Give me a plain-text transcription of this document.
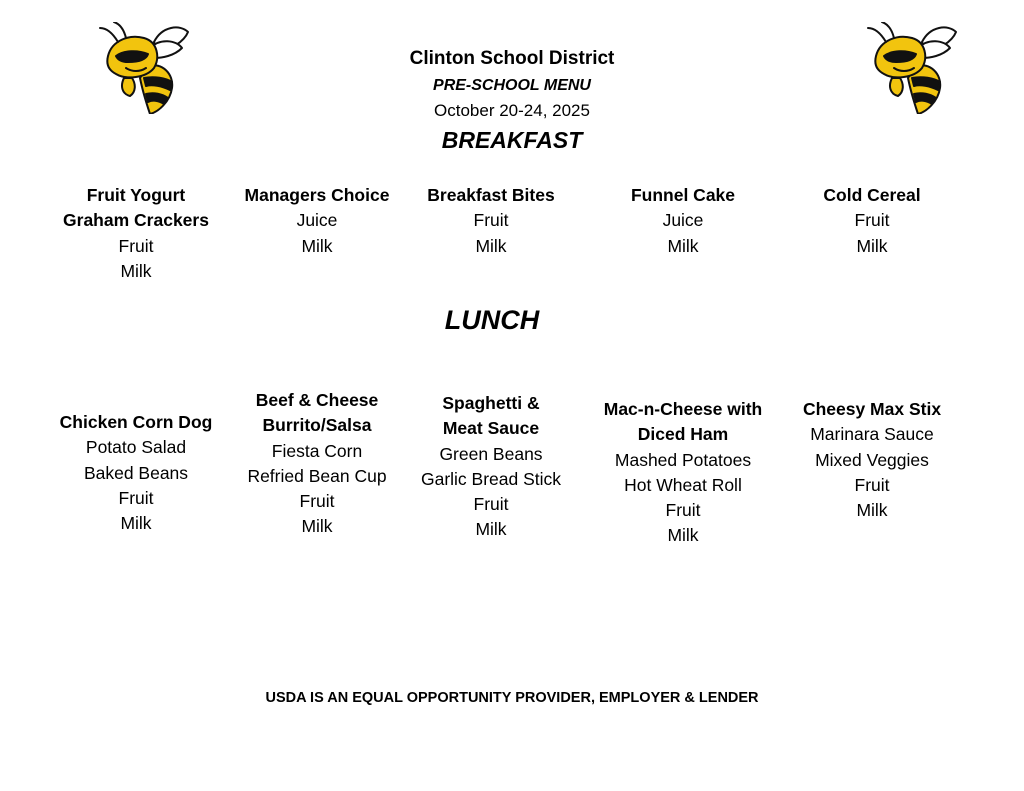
Clinton School District
PRE-SCHOOL MENU
October 20-24, 2025
BREAKFAST
Fruit Yogurt
Graham Crackers
Fruit
Milk
Managers Choice
Juice
Milk
Breakfast Bites
Fruit
Milk
Funnel Cake
Juice
Milk
Cold Cereal
Fruit
Milk
LUNCH
Chicken Corn Dog
Potato Salad
Baked Beans
Fruit
Milk
Beef & Cheese
Burrito/Salsa
Fiesta Corn
Refried Bean Cup
Fruit
Milk
Spaghetti &
Meat Sauce
Green Beans
Garlic Bread Stick
Fruit
Milk
Mac-n-Cheese with
Diced Ham
Mashed Potatoes
Hot Wheat Roll
Fruit
Milk
Cheesy Max Stix
Marinara Sauce
Mixed Veggies
Fruit
Milk
USDA IS AN EQUAL OPPORTUNITY PROVIDER, EMPLOYER & LENDER
